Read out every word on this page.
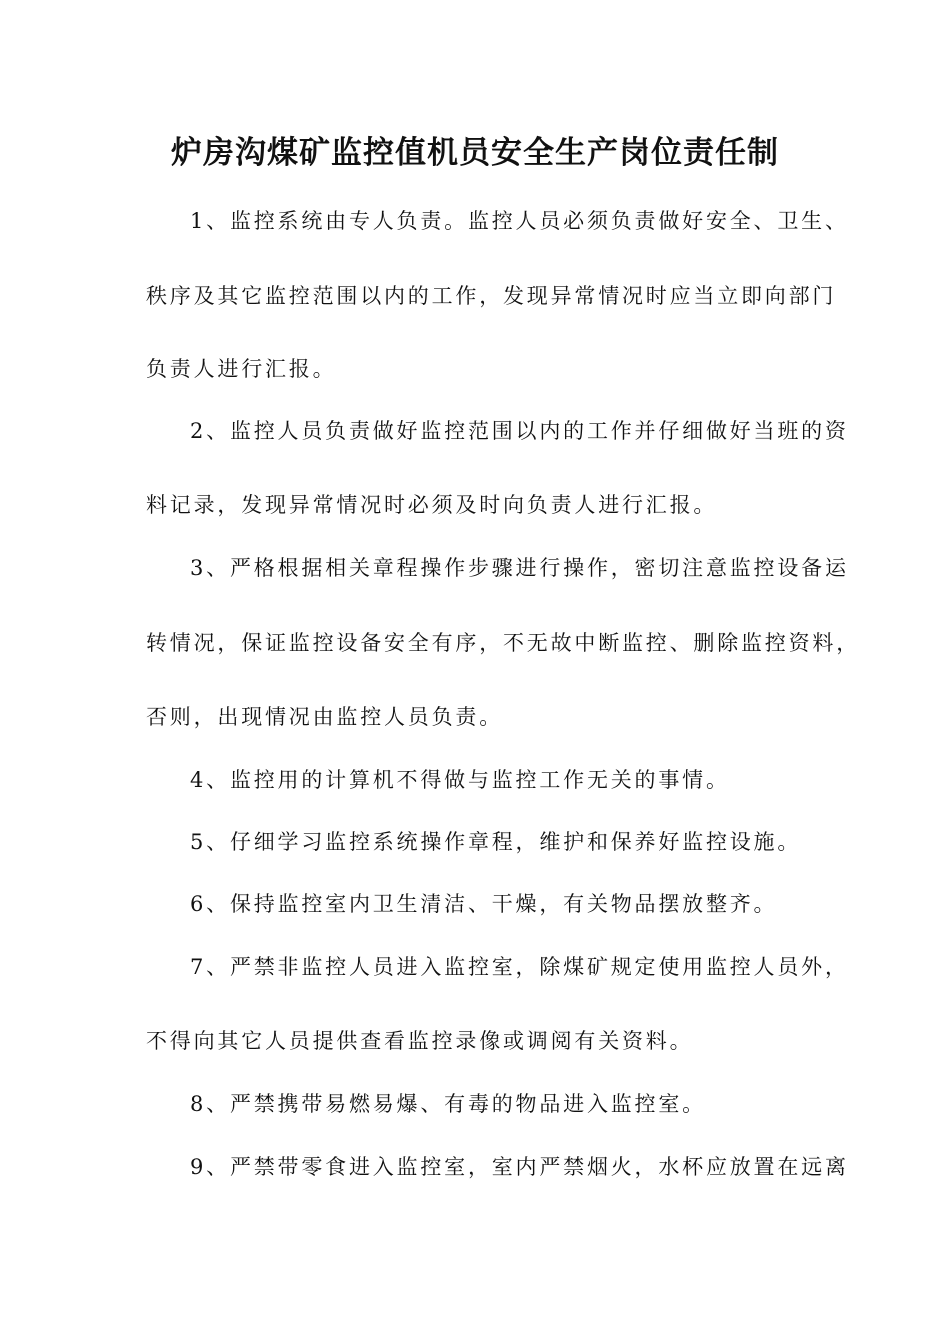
炉房沟煤矿监控值机员安全生产岗位责任制
1、监控系统由专人负责。监控人员必须负责做好安全、卫生、
秩序及其它监控范围以内的工作，发现异常情况时应当立即向部门
负责人进行汇报。
2、监控人员负责做好监控范围以内的工作并仔细做好当班的资
料记录，发现异常情况时必须及时向负责人进行汇报。
3、严格根据相关章程操作步骤进行操作，密切注意监控设备运
转情况，保证监控设备安全有序，不无故中断监控、删除监控资料，
否则，出现情况由监控人员负责。
4、监控用的计算机不得做与监控工作无关的事情。
5、仔细学习监控系统操作章程，维护和保养好监控设施。
6、保持监控室内卫生清洁、干燥，有关物品摆放整齐。
7、严禁非监控人员进入监控室，除煤矿规定使用监控人员外，
不得向其它人员提供查看监控录像或调阅有关资料。
8、严禁携带易燃易爆、有毒的物品进入监控室。
9、严禁带零食进入监控室，室内严禁烟火，水杯应放置在远离
